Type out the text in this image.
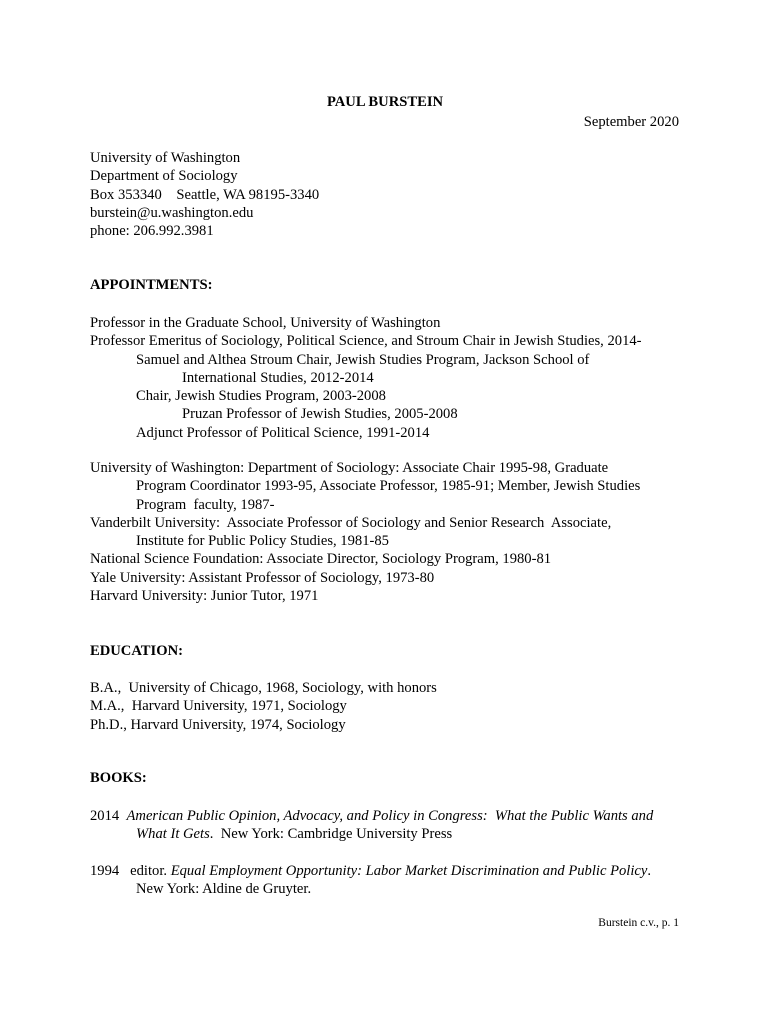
PAUL BURSTEIN
September 2020
University of Washington
Department of Sociology
Box 353340    Seattle, WA 98195-3340
burstein@u.washington.edu
phone: 206.992.3981
APPOINTMENTS:
Professor in the Graduate School, University of Washington
Professor Emeritus of Sociology, Political Science, and Stroum Chair in Jewish Studies, 2014-
Samuel and Althea Stroum Chair, Jewish Studies Program, Jackson School of
International Studies, 2012-2014
Chair, Jewish Studies Program, 2003-2008
Pruzan Professor of Jewish Studies, 2005-2008
Adjunct Professor of Political Science, 1991-2014
University of Washington: Department of Sociology: Associate Chair 1995-98, Graduate
Program Coordinator 1993-95, Associate Professor, 1985-91; Member, Jewish Studies
Program  faculty, 1987-
Vanderbilt University:  Associate Professor of Sociology and Senior Research  Associate,
Institute for Public Policy Studies, 1981-85
National Science Foundation: Associate Director, Sociology Program, 1980-81
Yale University: Assistant Professor of Sociology, 1973-80
Harvard University: Junior Tutor, 1971
EDUCATION:
B.A.,  University of Chicago, 1968, Sociology, with honors
M.A.,  Harvard University, 1971, Sociology
Ph.D., Harvard University, 1974, Sociology
BOOKS:
2014 American Public Opinion, Advocacy, and Policy in Congress:  What the Public Wants and
What It Gets.  New York: Cambridge University Press
1994 editor. Equal Employment Opportunity: Labor Market Discrimination and Public Policy.
New York: Aldine de Gruyter.
Burstein c.v., p. 1
